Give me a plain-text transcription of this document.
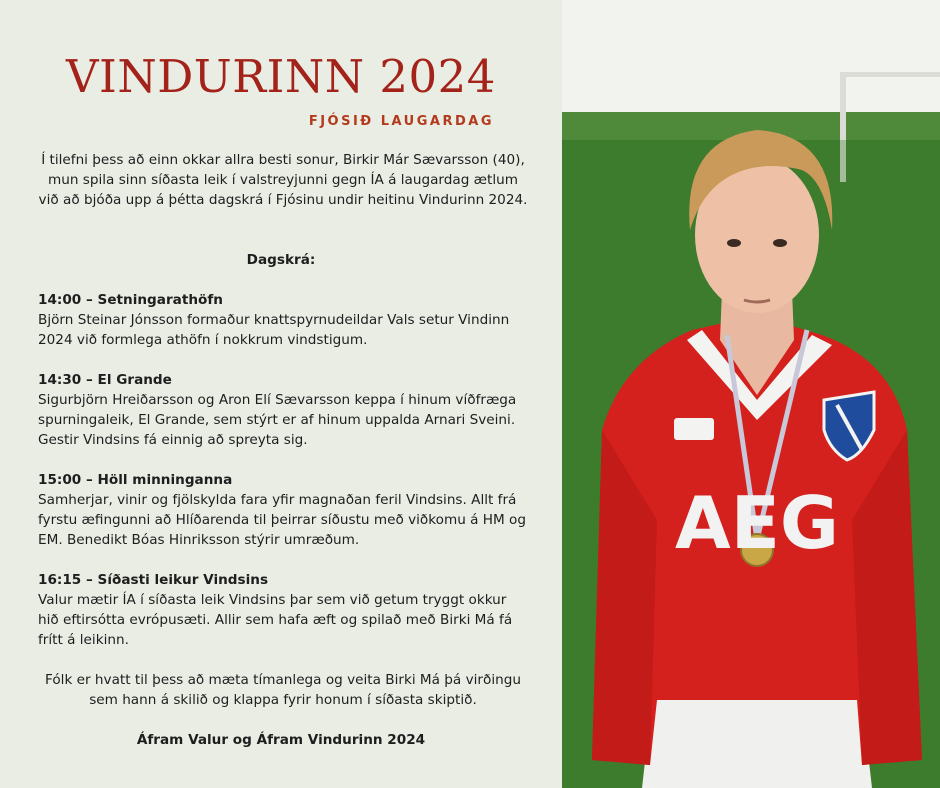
VINDURINN 2024
FJÓSIÐ LAUGARDAG

Í tilefni þess að einn okkar allra besti sonur, Birkir Már Sævarsson (40), mun spila sinn síðasta leik í valstreyjunni gegn ÍA á laugardag ætlum við að bjóða upp á þétta dagskrá í Fjósinu undir heitinu Vindurinn 2024.

Dagskrá:

14:00 – Setningarathöfn
Björn Steinar Jónsson formaður knattspyrnudeildar Vals setur Vindinn 2024 við formlega athöfn í nokkrum vindstigum.

14:30 – El Grande
Sigurbjörn Hreiðarsson og Aron Elí Sævarsson keppa í hinum víðfræga spurningaleik, El Grande, sem stýrt er af hinum uppalda Arnari Sveini. Gestir Vindsins fá einnig að spreyta sig.

15:00 – Höll minninganna
Samherjar, vinir og fjölskylda fara yfir magnaðan feril Vindsins. Allt frá fyrstu æfingunni að Hlíðarenda til þeirrar síðustu með viðkomu á HM og EM. Benedikt Bóas Hinriksson stýrir umræðum.

16:15 – Síðasti leikur Vindsins
Valur mætir ÍA í síðasta leik Vindsins þar sem við getum tryggt okkur hið eftirsótta evrópusæti. Allir sem hafa æft og spilað með Birki Má fá frítt á leikinn.

Fólk er hvatt til þess að mæta tímanlega og veita Birki Má þá virðingu sem hann á skilið og klappa fyrir honum í síðasta skiptið.

Áfram Valur og Áfram Vindurinn 2024

AEG
